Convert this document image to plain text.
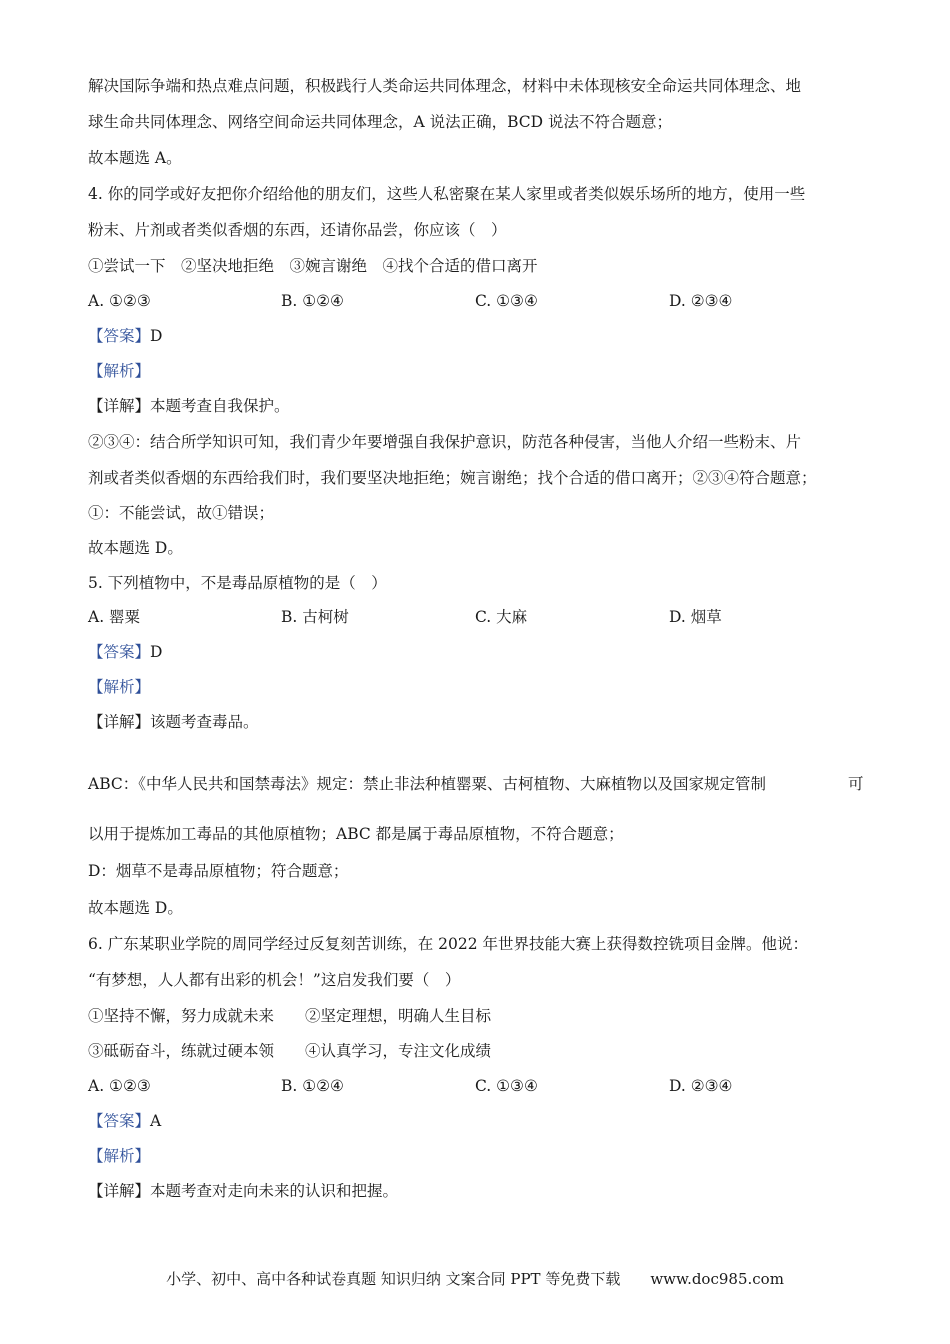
解决国际争端和热点难点问题，积极践行人类命运共同体理念，材料中未体现核安全命运共同体理念、地
球生命共同体理念、网络空间命运共同体理念，A 说法正确，BCD 说法不符合题意；
故本题选 A。
4. 你的同学或好友把你介绍给他的朋友们，这些人私密聚在某人家里或者类似娱乐场所的地方，使用一些
粉末、片剂或者类似香烟的东西，还请你品尝，你应该（　）
①尝试一下　②坚决地拒绝　③婉言谢绝　④找个合适的借口离开
A. ①②③	B. ①②④	C. ①③④	D. ②③④
【答案】D
【解析】
【详解】本题考查自我保护。
②③④：结合所学知识可知，我们青少年要增强自我保护意识，防范各种侵害，当他人介绍一些粉末、片
剂或者类似香烟的东西给我们时，我们要坚决地拒绝；婉言谢绝；找个合适的借口离开；②③④符合题意；
①：不能尝试，故①错误；
故本题选 D。
5. 下列植物中，不是毒品原植物的是（　）
A. 罂粟	B. 古柯树	C. 大麻	D. 烟草
【答案】D
【解析】
【详解】该题考查毒品。
ABC：《中华人民共和国禁毒法》规定：禁止非法种植罂粟、古柯植物、大麻植物以及国家规定管制	可
以用于提炼加工毒品的其他原植物；ABC 都是属于毒品原植物，不符合题意；
D：烟草不是毒品原植物；符合题意；
故本题选 D。
6. 广东某职业学院的周同学经过反复刻苦训练，在 2022 年世界技能大赛上获得数控铣项目金牌。他说：
“有梦想，人人都有出彩的机会！”这启发我们要（　）
①坚持不懈，努力成就未来　　②坚定理想，明确人生目标
③砥砺奋斗，练就过硬本领　　④认真学习，专注文化成绩
A. ①②③	B. ①②④	C. ①③④	D. ②③④
【答案】A
【解析】
【详解】本题考查对走向未来的认识和把握。
小学、初中、高中各种试卷真题 知识归纳 文案合同 PPT 等免费下载　　www.doc985.com
